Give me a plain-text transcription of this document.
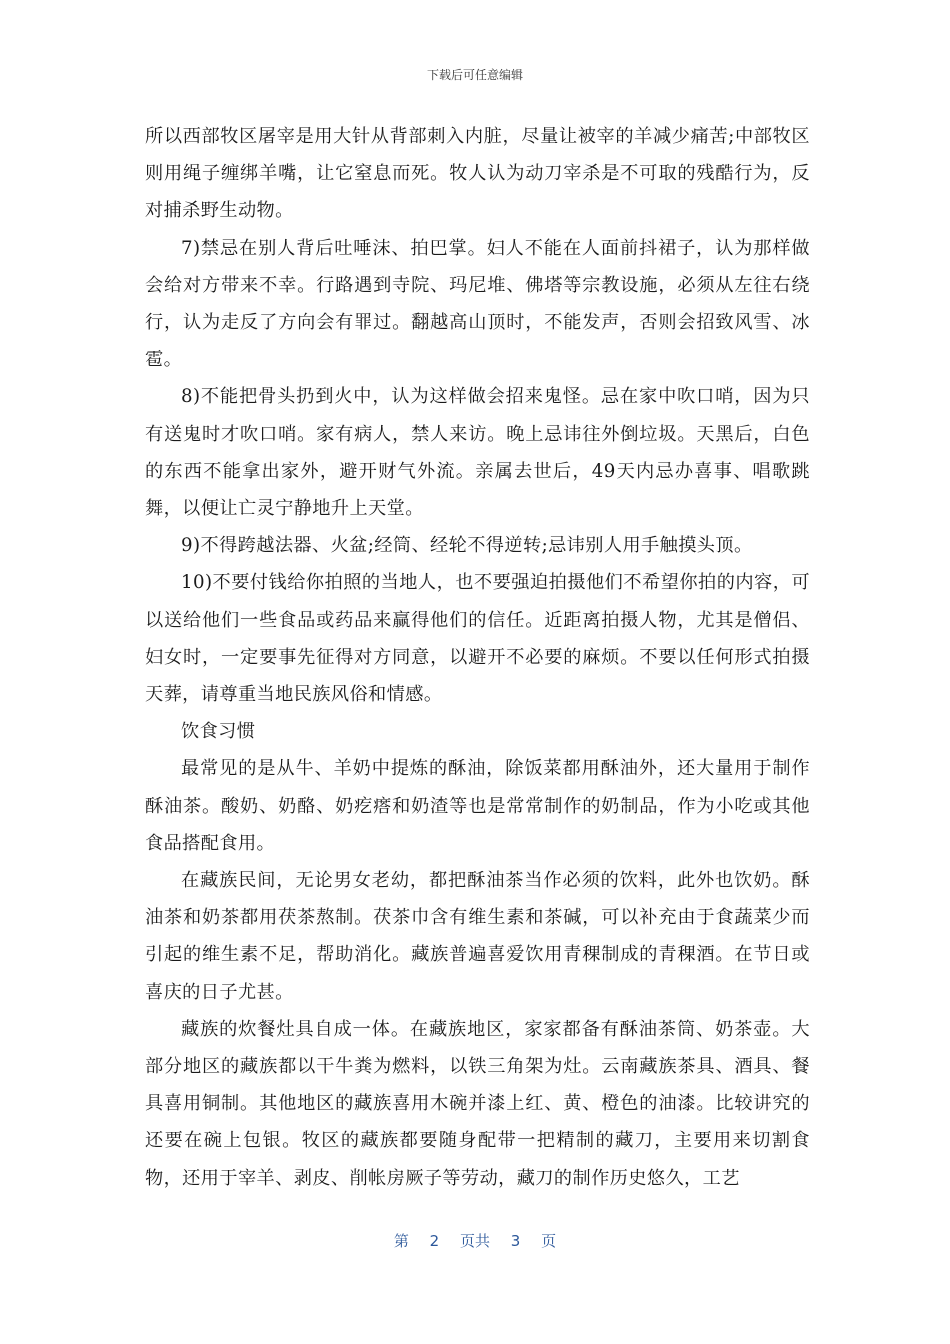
下载后可任意编辑

所以西部牧区屠宰是用大针从背部刺入内脏，尽量让被宰的羊减少痛苦;中部牧区则用绳子缠绑羊嘴，让它窒息而死。牧人认为动刀宰杀是不可取的残酷行为，反对捕杀野生动物。

7)禁忌在别人背后吐唾沫、拍巴掌。妇人不能在人面前抖裙子，认为那样做会给对方带来不幸。行路遇到寺院、玛尼堆、佛塔等宗教设施，必须从左往右绕行，认为走反了方向会有罪过。翻越高山顶时，不能发声，否则会招致风雪、冰雹。

8)不能把骨头扔到火中，认为这样做会招来鬼怪。忌在家中吹口哨，因为只有送鬼时才吹口哨。家有病人，禁人来访。晚上忌讳往外倒垃圾。天黑后，白色的东西不能拿出家外，避开财气外流。亲属去世后，49天内忌办喜事、唱歌跳舞，以便让亡灵宁静地升上天堂。

9)不得跨越法器、火盆;经筒、经轮不得逆转;忌讳别人用手触摸头顶。

10)不要付钱给你拍照的当地人，也不要强迫拍摄他们不希望你拍的内容，可以送给他们一些食品或药品来赢得他们的信任。近距离拍摄人物，尤其是僧侣、妇女时，一定要事先征得对方同意，以避开不必要的麻烦。不要以任何形式拍摄天葬，请尊重当地民族风俗和情感。

饮食习惯

最常见的是从牛、羊奶中提炼的酥油，除饭菜都用酥油外，还大量用于制作酥油茶。酸奶、奶酪、奶疙瘩和奶渣等也是常常制作的奶制品，作为小吃或其他食品搭配食用。

在藏族民间，无论男女老幼，都把酥油茶当作必须的饮料，此外也饮奶。酥油茶和奶茶都用茯茶熬制。茯茶巾含有维生素和茶碱，可以补充由于食蔬菜少而引起的维生素不足，帮助消化。藏族普遍喜爱饮用青稞制成的青稞酒。在节日或喜庆的日子尤甚。

藏族的炊餐灶具自成一体。在藏族地区，家家都备有酥油茶筒、奶茶壶。大部分地区的藏族都以干牛粪为燃料，以铁三角架为灶。云南藏族茶具、酒具、餐具喜用铜制。其他地区的藏族喜用木碗并漆上红、黄、橙色的油漆。比较讲究的还要在碗上包银。牧区的藏族都要随身配带一把精制的藏刀，主要用来切割食物，还用于宰羊、剥皮、削帐房厥子等劳动，藏刀的制作历史悠久，工艺

第 2 页共 3 页
